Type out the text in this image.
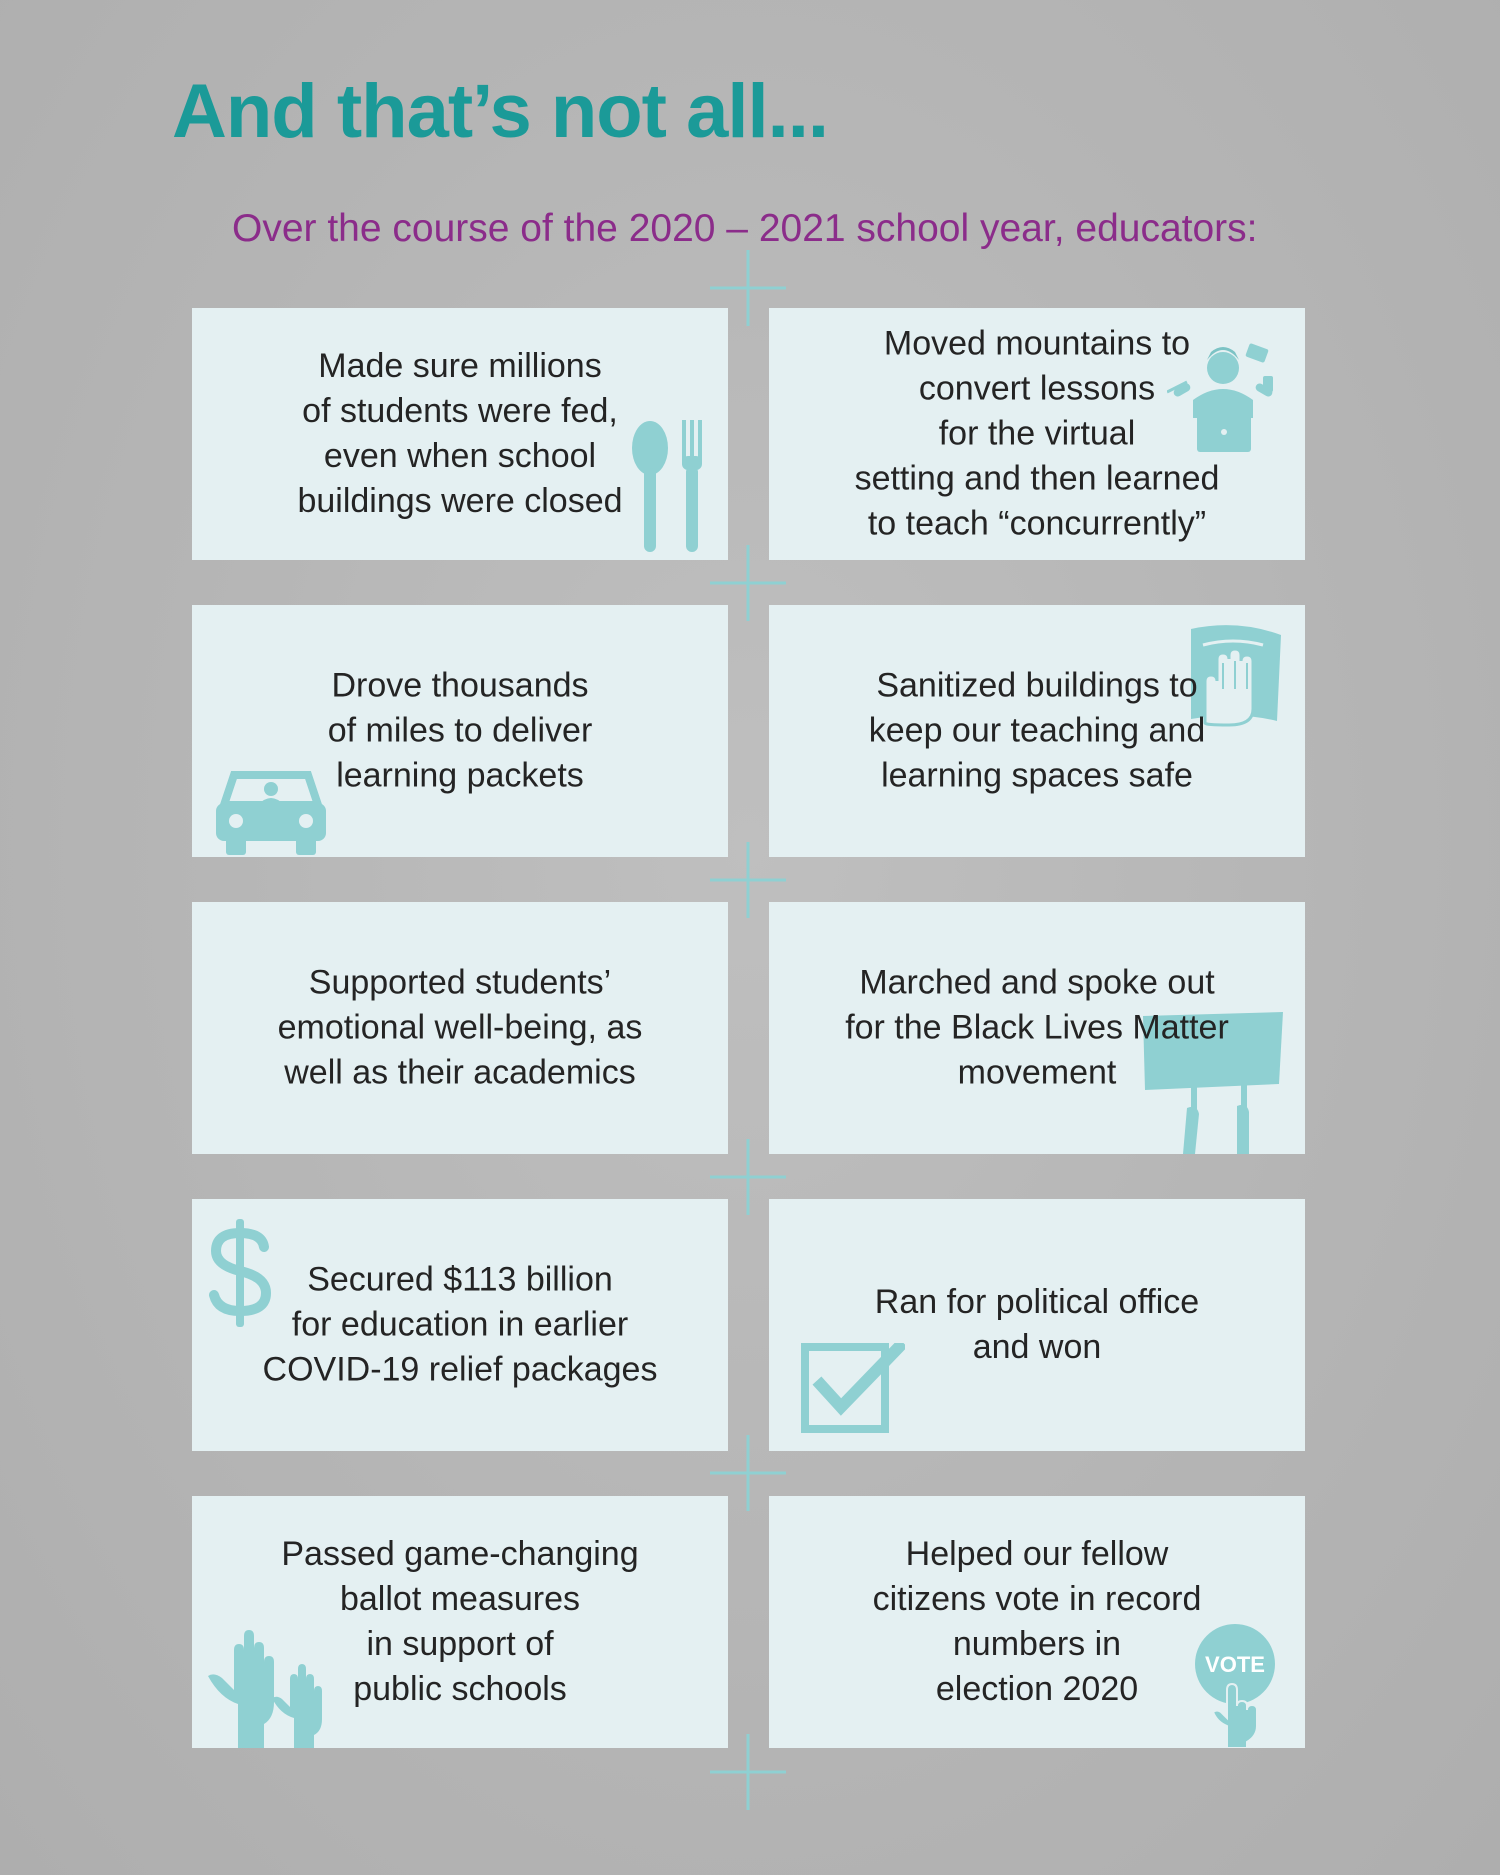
And that’s not all...

Over the course of the 2020 – 2021 school year, educators:

Made sure millions
of students were fed,
even when school
buildings were closed
Moved mountains to
convert lessons
for the virtual
setting and then learned
to teach “concurrently”
Drove thousands
of miles to deliver
learning packets
Sanitized buildings to
keep our teaching and
learning spaces safe
Supported students’
emotional well-being, as
well as their academics
Marched and spoke out
for the Black Lives Matter
movement
Secured $113 billion
for education in earlier
COVID-19 relief packages
Ran for political office
and won
Passed game-changing
ballot measures
in support of
public schools
VOTE
Helped our fellow
citizens vote in record
numbers in
election 2020
